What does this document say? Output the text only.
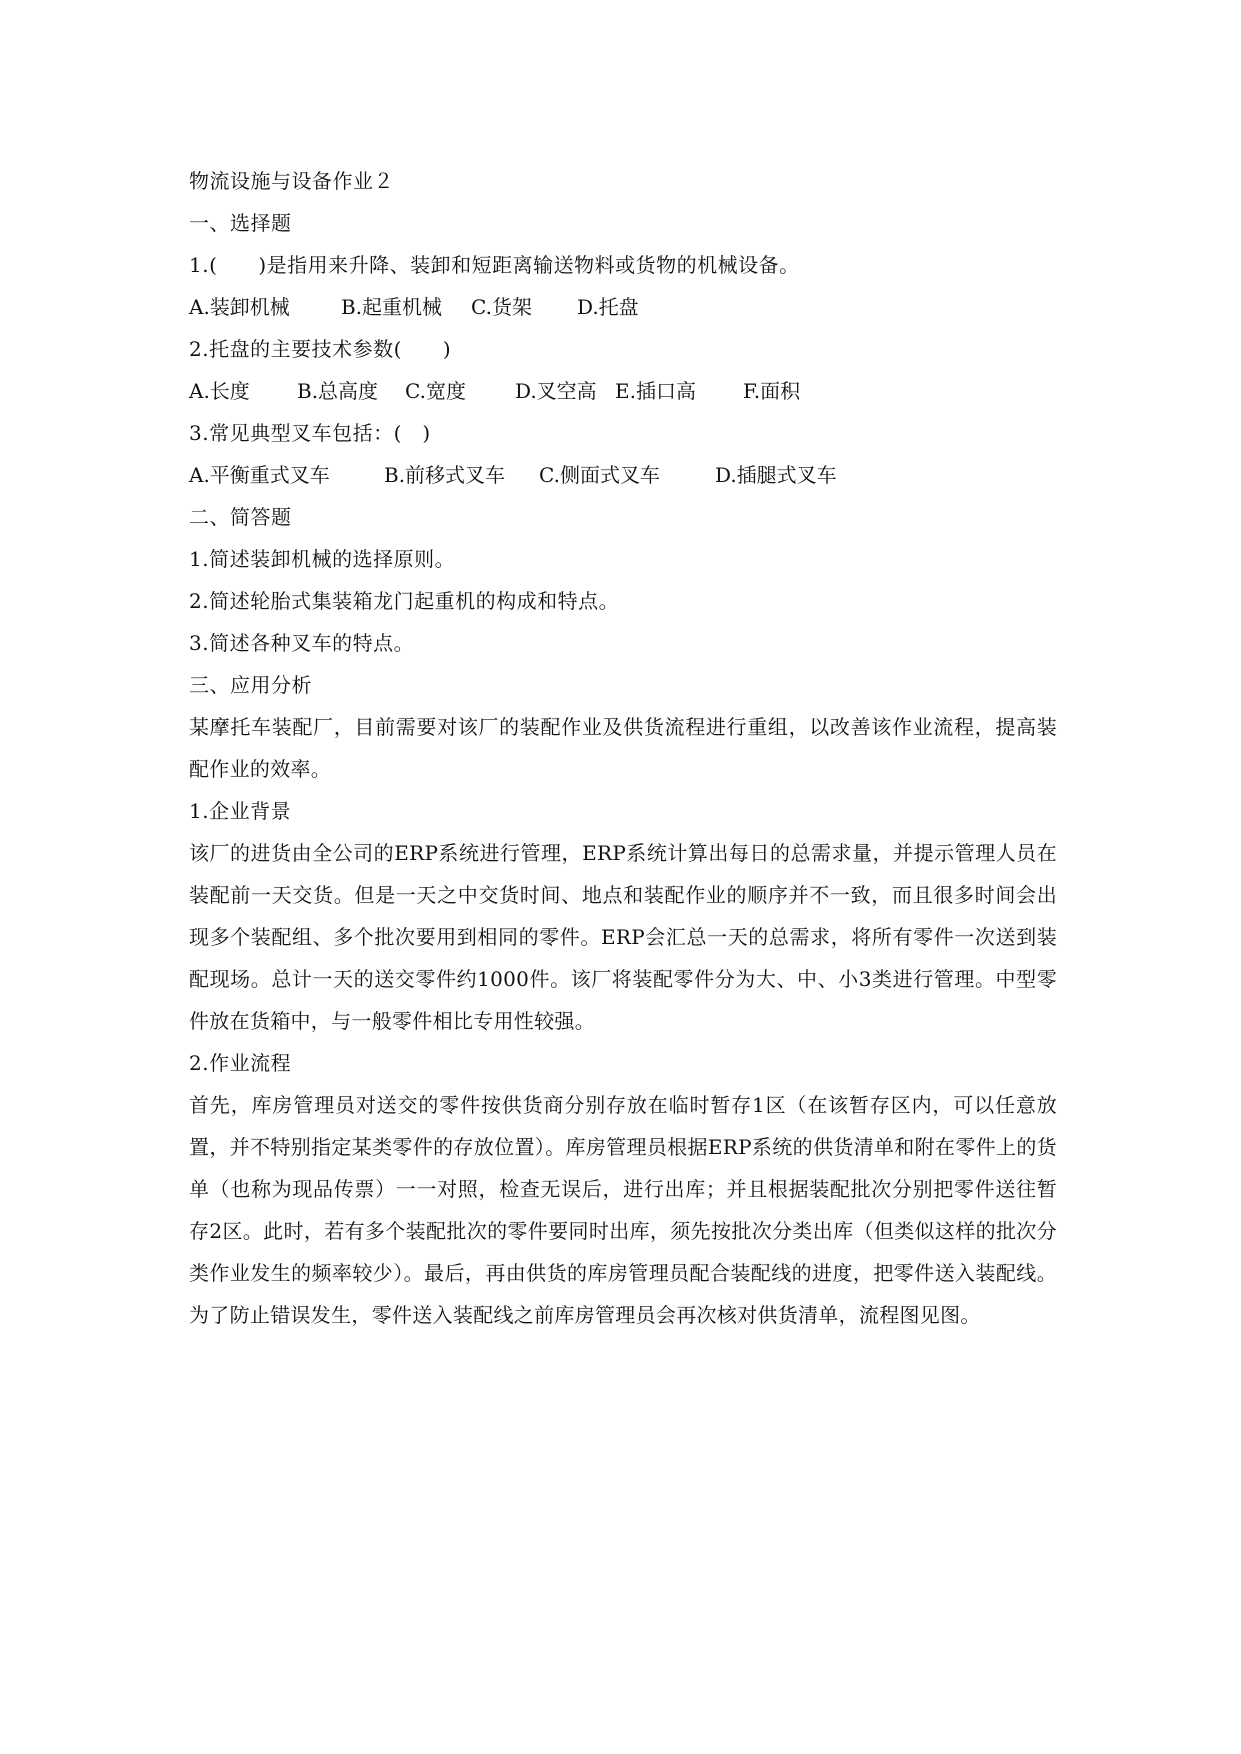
物流设施与设备作业２
一、选择题
1.(　　)是指用来升降、装卸和短距离输送物料或货物的机械设备。
A.装卸机械	B.起重机械 C.货架 D.托盘
2.托盘的主要技术参数(　　)
A.长度 B.总高度 C.宽度 D.叉空高 E.插口高 F.面积
3.常见典型叉车包括：(　)
A.平衡重式叉车	B.前移式叉车 C.侧面式叉车	D.插腿式叉车
二、简答题
1.简述装卸机械的选择原则。
2.简述轮胎式集装箱龙门起重机的构成和特点。
3.简述各种叉车的特点。
三、应用分析
某摩托车装配厂，目前需要对该厂的装配作业及供货流程进行重组，以改善该作业流程，提高装配作业的效率。
1.企业背景
该厂的进货由全公司的ERP系统进行管理，ERP系统计算出每日的总需求量，并提示管理人员在装配前一天交货。但是一天之中交货时间、地点和装配作业的顺序并不一致，而且很多时间会出现多个装配组、多个批次要用到相同的零件。ERP会汇总一天的总需求，将所有零件一次送到装配现场。总计一天的送交零件约1000件。该厂将装配零件分为大、中、小3类进行管理。中型零件放在货箱中，与一般零件相比专用性较强。
2.作业流程
首先，库房管理员对送交的零件按供货商分别存放在临时暂存1区（在该暂存区内，可以任意放置，并不特别指定某类零件的存放位置）。库房管理员根据ERP系统的供货清单和附在零件上的货单（也称为现品传票）一一对照，检查无误后，进行出库；并且根据装配批次分别把零件送往暂存2区。此时，若有多个装配批次的零件要同时出库，须先按批次分类出库（但类似这样的批次分类作业发生的频率较少）。最后，再由供货的库房管理员配合装配线的进度，把零件送入装配线。为了防止错误发生，零件送入装配线之前库房管理员会再次核对供货清单，流程图见图。
